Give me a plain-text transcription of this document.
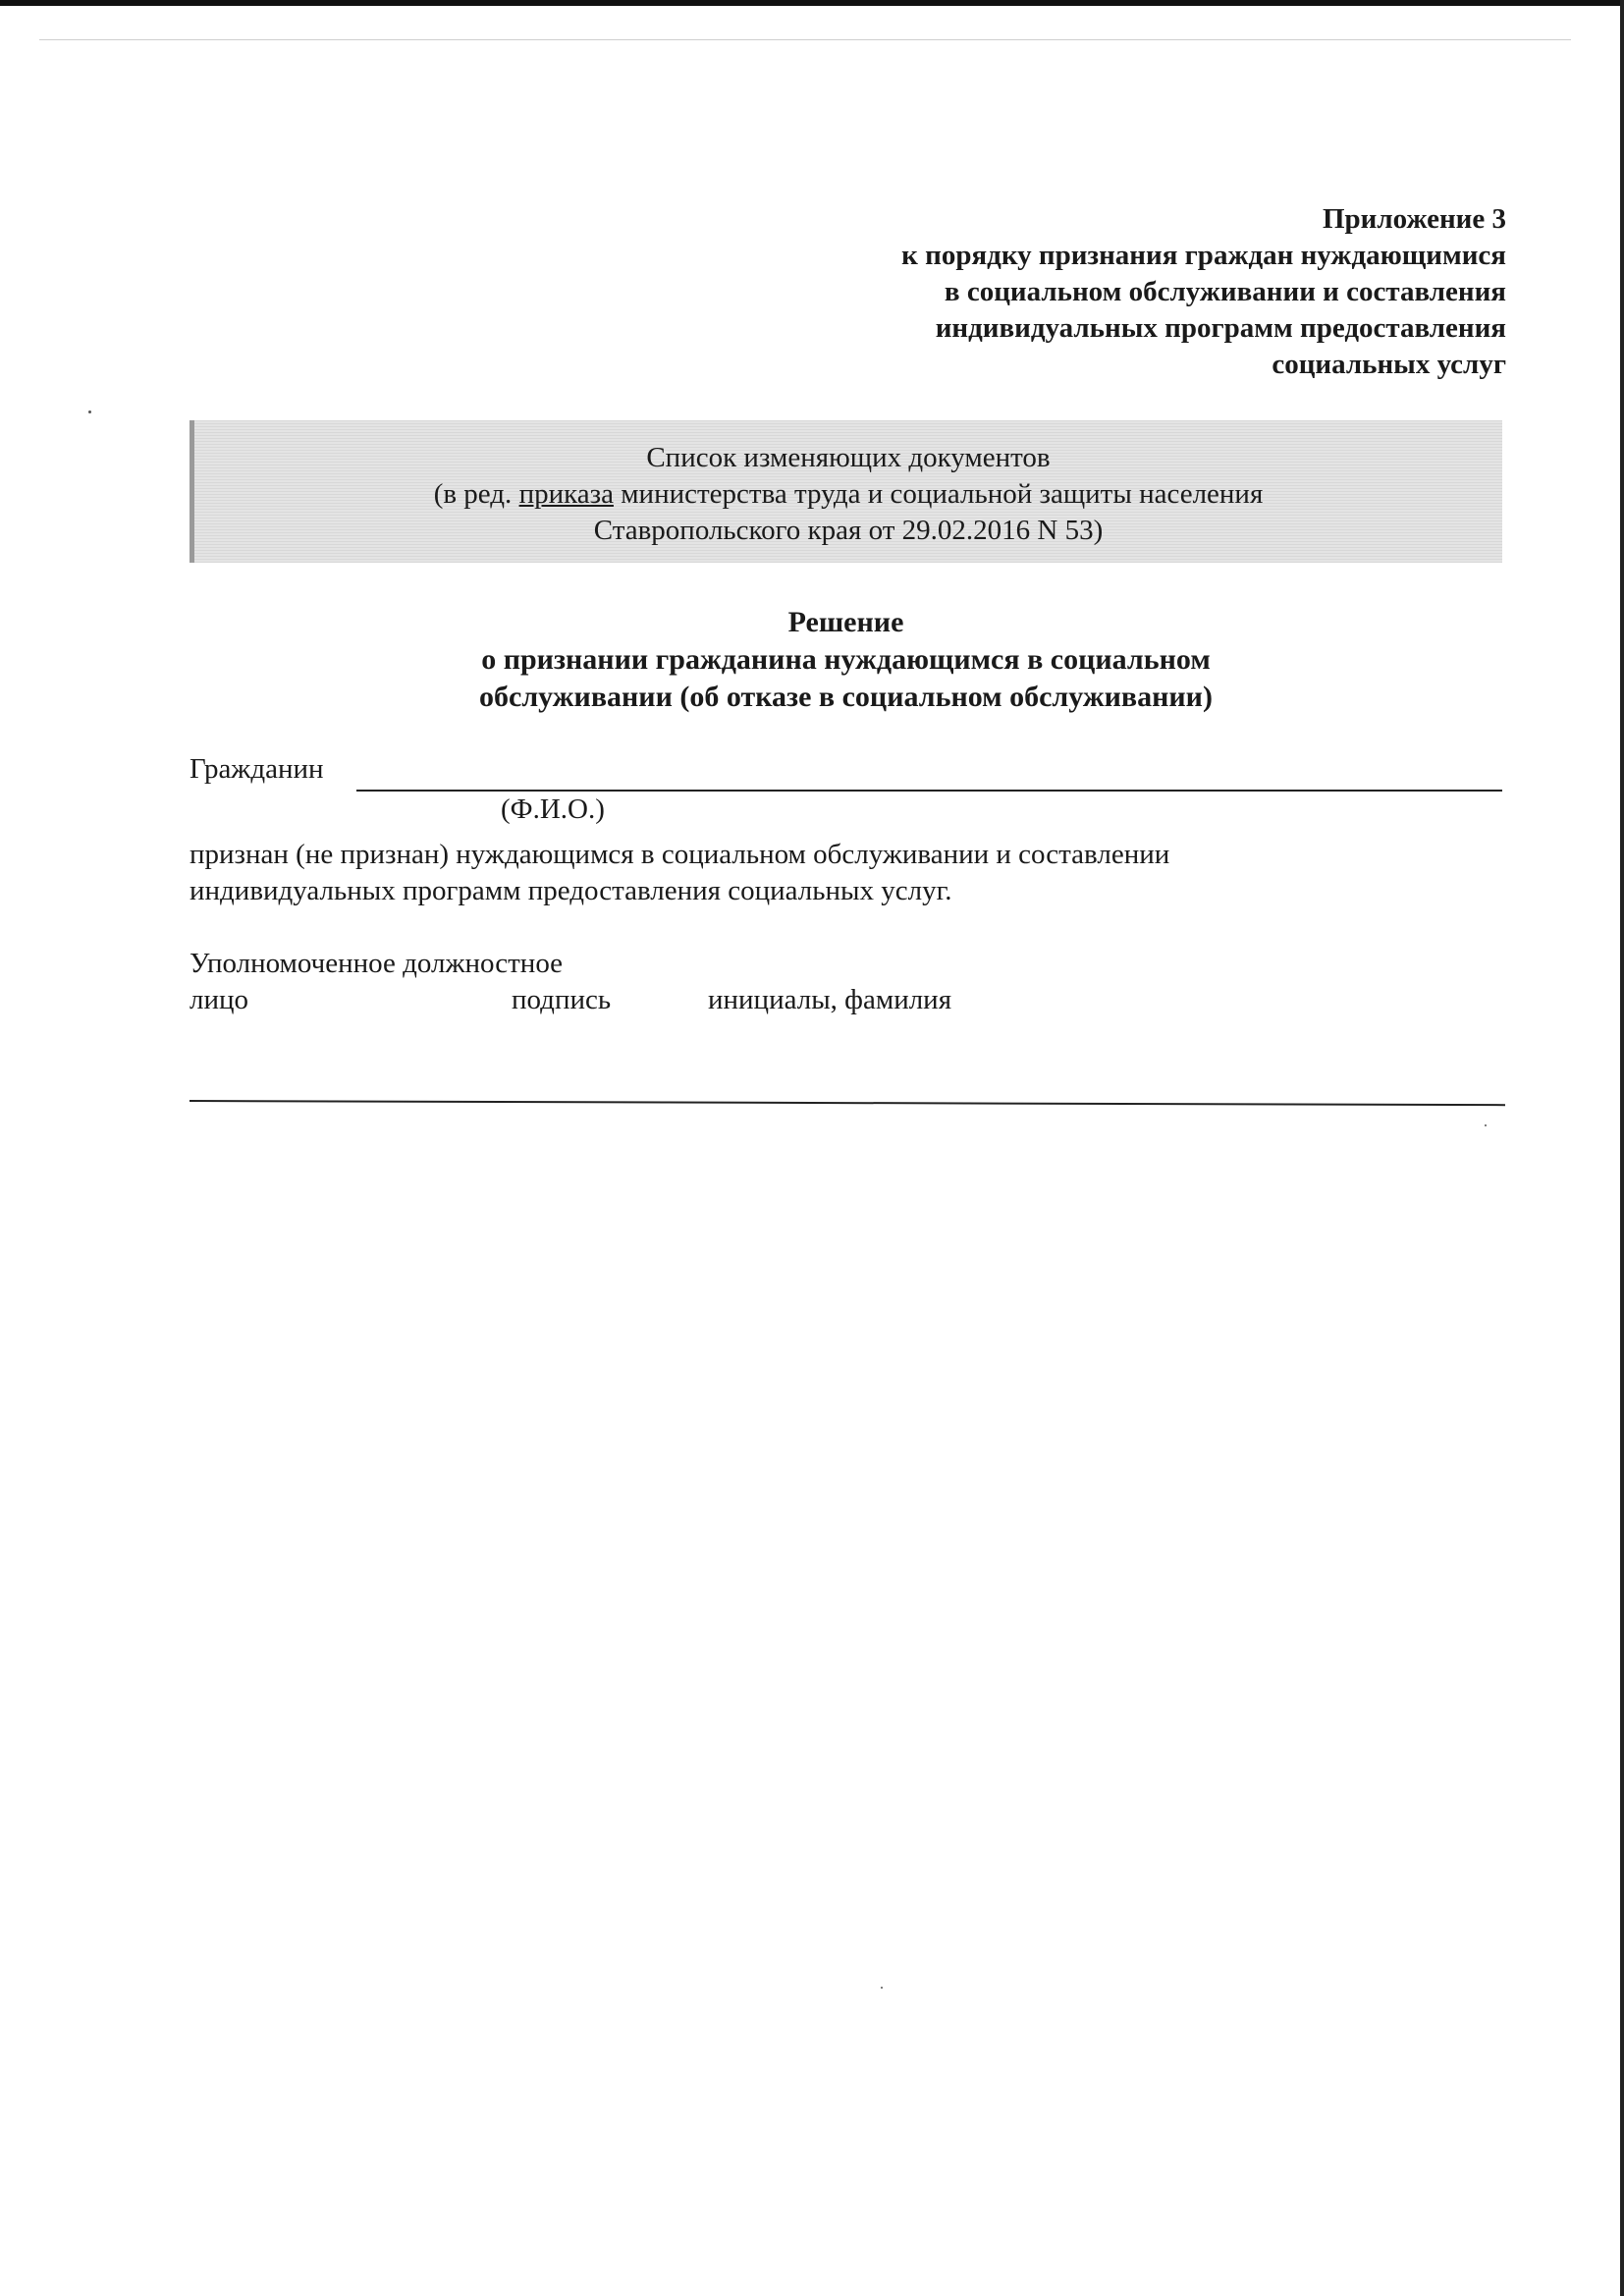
Приложение 3
к порядку признания граждан нуждающимися
в социальном обслуживании и составления
индивидуальных программ предоставления
социальных услуг
Список изменяющих документов
(в ред. приказа министерства труда и социальной защиты населения
Ставропольского края от 29.02.2016 N 53)
Решение
о признании гражданина нуждающимся в социальном
обслуживании (об отказе в социальном обслуживании)
Гражданин
(Ф.И.О.)
признан (не признан) нуждающимся в социальном обслуживании и составлении
индивидуальных программ предоставления социальных услуг.
Уполномоченное должностное
лицо	подпись	инициалы, фамилия
